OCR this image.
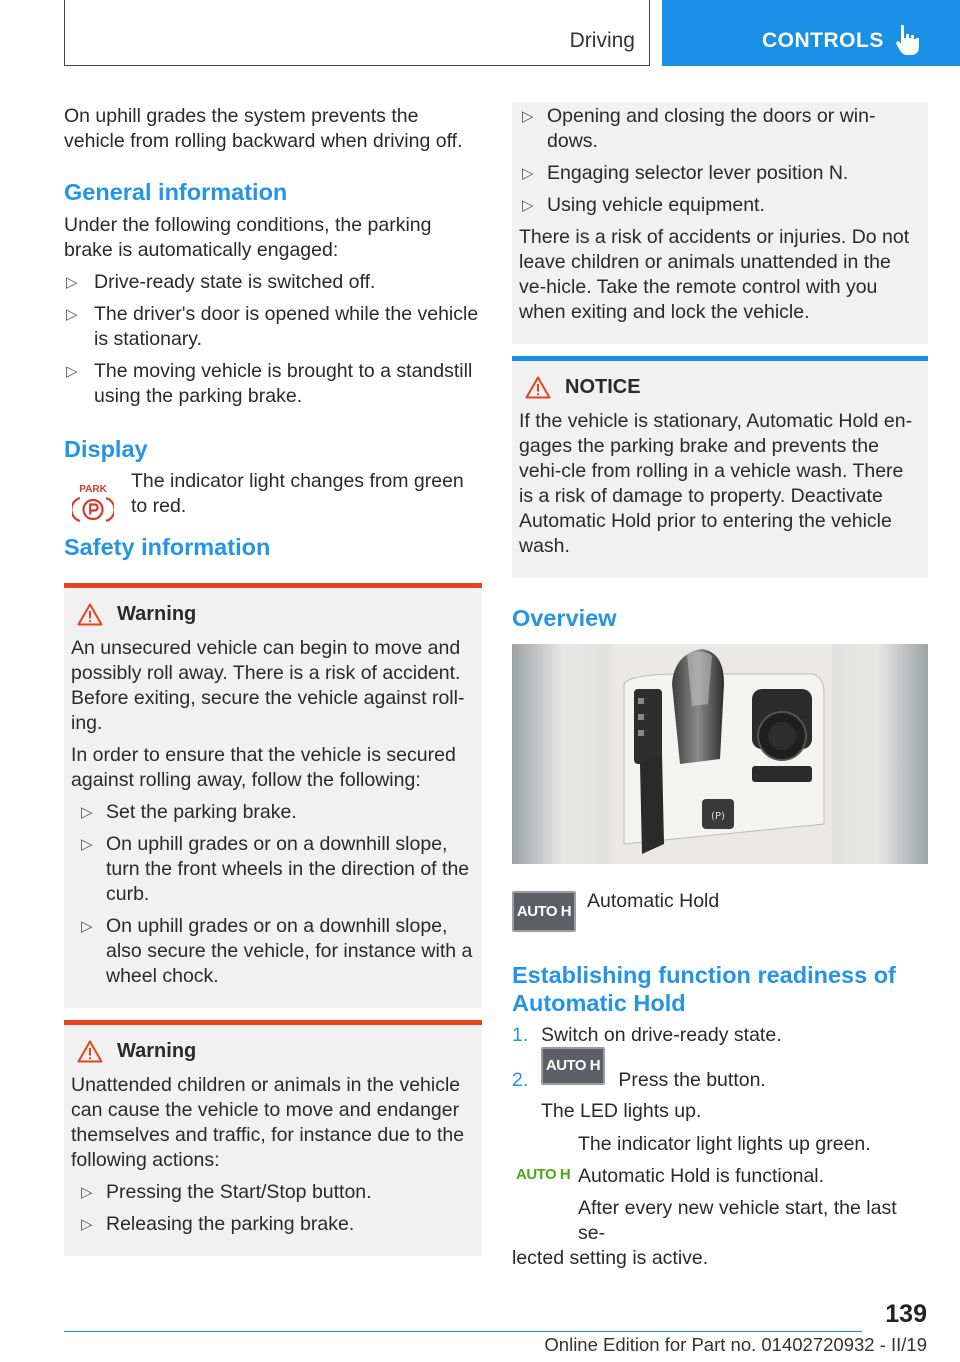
Driving	CONTROLS

On uphill grades the system prevents the vehicle from rolling backward when driving off.

General information

Under the following conditions, the parking brake is automatically engaged:

▷ Drive-ready state is switched off.
▷ The driver's door is opened while the vehicle is stationary.
▷ The moving vehicle is brought to a standstill using the parking brake.
Display
PARK The indicator light changes from green to red.
Safety information
Warning

An unsecured vehicle can begin to move and possibly roll away. There is a risk of accident. Before exiting, secure the vehicle against roll-ing.

In order to ensure that the vehicle is secured against rolling away, follow the following:

▷ Set the parking brake.
▷ On uphill grades or on a downhill slope, turn the front wheels in the direction of the curb.
▷ On uphill grades or on a downhill slope, also secure the vehicle, for instance with a wheel chock.
Warning

Unattended children or animals in the vehicle can cause the vehicle to move and endanger themselves and traffic, for instance due to the following actions:

▷ Pressing the Start/Stop button.
▷ Releasing the parking brake.
▷ Opening and closing the doors or win-dows.
▷ Engaging selector lever position N.
▷ Using vehicle equipment.

There is a risk of accidents or injuries. Do not leave children or animals unattended in the ve-hicle. Take the remote control with you when exiting and lock the vehicle.

NOTICE

If the vehicle is stationary, Automatic Hold en-gages the parking brake and prevents the vehi-cle from rolling in a vehicle wash. There is a risk of damage to property. Deactivate Automatic Hold prior to entering the vehicle wash.

Overview
(P)
AUTO H Automatic Hold
Establishing function readiness of Automatic Hold
1. Switch on drive-ready state.
2.
AUTO H
Press the button.
The LED lights up.
AUTO H
The indicator light lights up green.
Automatic Hold is functional.
After every new vehicle start, the last se-
lected setting is active.
139
Online Edition for Part no. 01402720932 - II/19
